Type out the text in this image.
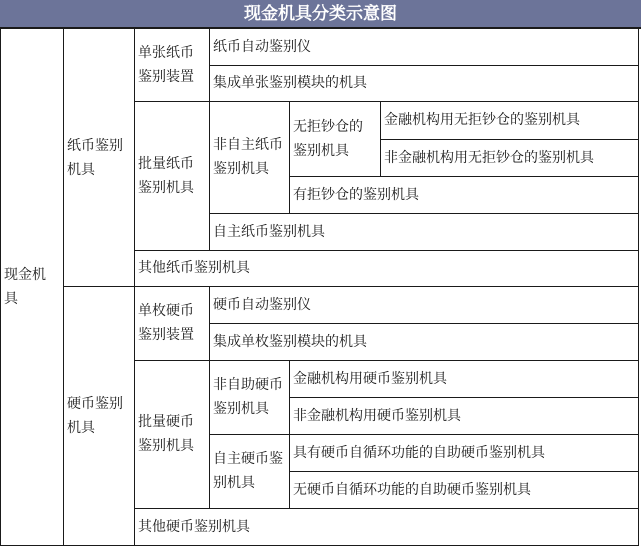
现金机具分类示意图
现金机具
纸币鉴别机具
单张纸币鉴别装置
纸币自动鉴别仪
集成单张鉴别模块的机具
批量纸币鉴别机具
非自主纸币鉴别机具
无拒钞仓的鉴别机具
金融机构用无拒钞仓的鉴别机具
非金融机构用无拒钞仓的鉴别机具
有拒钞仓的鉴别机具
自主纸币鉴别机具
其他纸币鉴别机具
硬币鉴别机具
单枚硬币鉴别装置
硬币自动鉴别仪
集成单枚鉴别模块的机具
批量硬币鉴别机具
非自助硬币鉴别机具
金融机构用硬币鉴别机具
非金融机构用硬币鉴别机具
自主硬币鉴别机具
具有硬币自循环功能的自助硬币鉴别机具
无硬币自循环功能的自助硬币鉴别机具
其他硬币鉴别机具
